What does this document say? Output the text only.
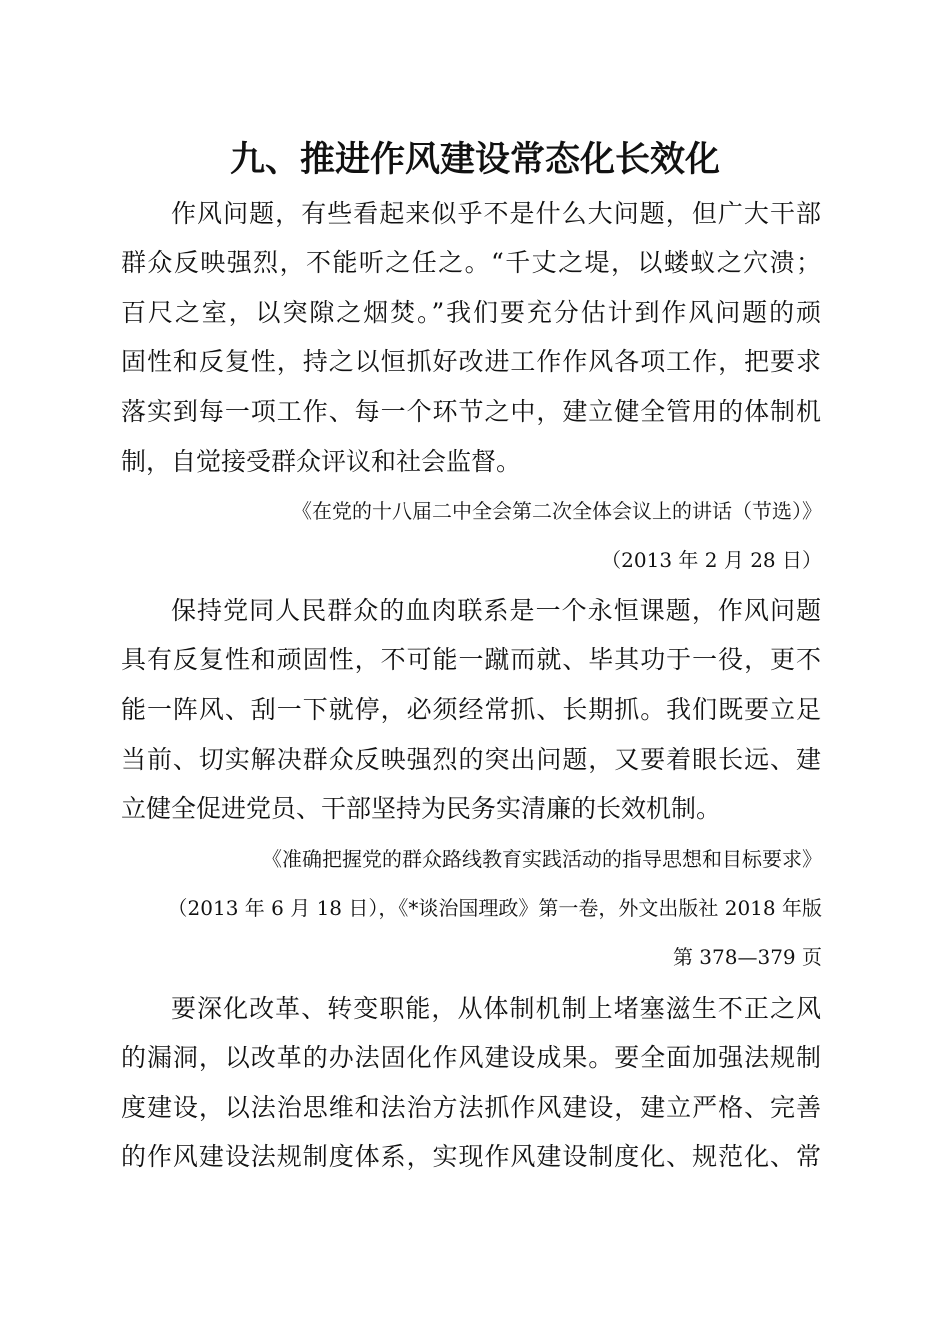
九、推进作风建设常态化长效化
作风问题，有些看起来似乎不是什么大问题，但广大干部
群众反映强烈，不能听之任之。“千丈之堤，以蝼蚁之穴溃；
百尺之室，以突隙之烟焚。”我们要充分估计到作风问题的顽
固性和反复性，持之以恒抓好改进工作作风各项工作，把要求
落实到每一项工作、每一个环节之中，建立健全管用的体制机
制，自觉接受群众评议和社会监督。
《在党的十八届二中全会第二次全体会议上的讲话（节选）》
（2013 年 2 月 28 日）
保持党同人民群众的血肉联系是一个永恒课题，作风问题
具有反复性和顽固性，不可能一蹴而就、毕其功于一役，更不
能一阵风、刮一下就停，必须经常抓、长期抓。我们既要立足
当前、切实解决群众反映强烈的突出问题，又要着眼长远、建
立健全促进党员、干部坚持为民务实清廉的长效机制。
《准确把握党的群众路线教育实践活动的指导思想和目标要求》
（2013 年 6 月 18 日），《*谈治国理政》第一卷，外文出版社 2018 年版
第 378—379 页
要深化改革、转变职能，从体制机制上堵塞滋生不正之风
的漏洞，以改革的办法固化作风建设成果。要全面加强法规制
度建设，以法治思维和法治方法抓作风建设，建立严格、完善
的作风建设法规制度体系，实现作风建设制度化、规范化、常
